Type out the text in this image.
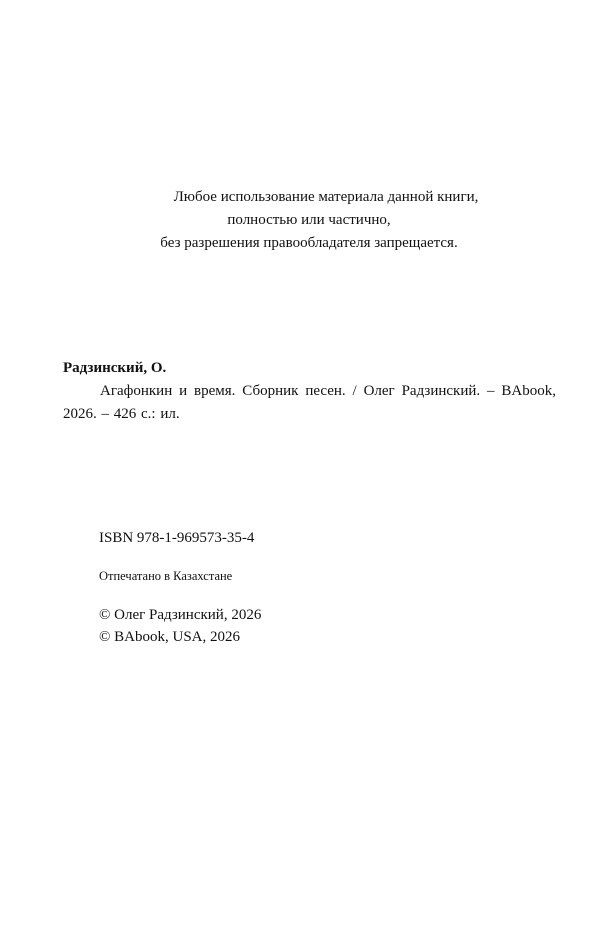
Любое использование материала данной книги,
полностью или частично,
без разрешения правообладателя запрещается.
Радзинский, О.
Агафонкин и время. Сборник песен. / Олег Радзинский. – BAbook, 2026. – 426 с.: ил.
ISBN 978-1-969573-35-4
Отпечатано в Казахстане
© Олег Радзинский, 2026
© BAbook, USA, 2026
